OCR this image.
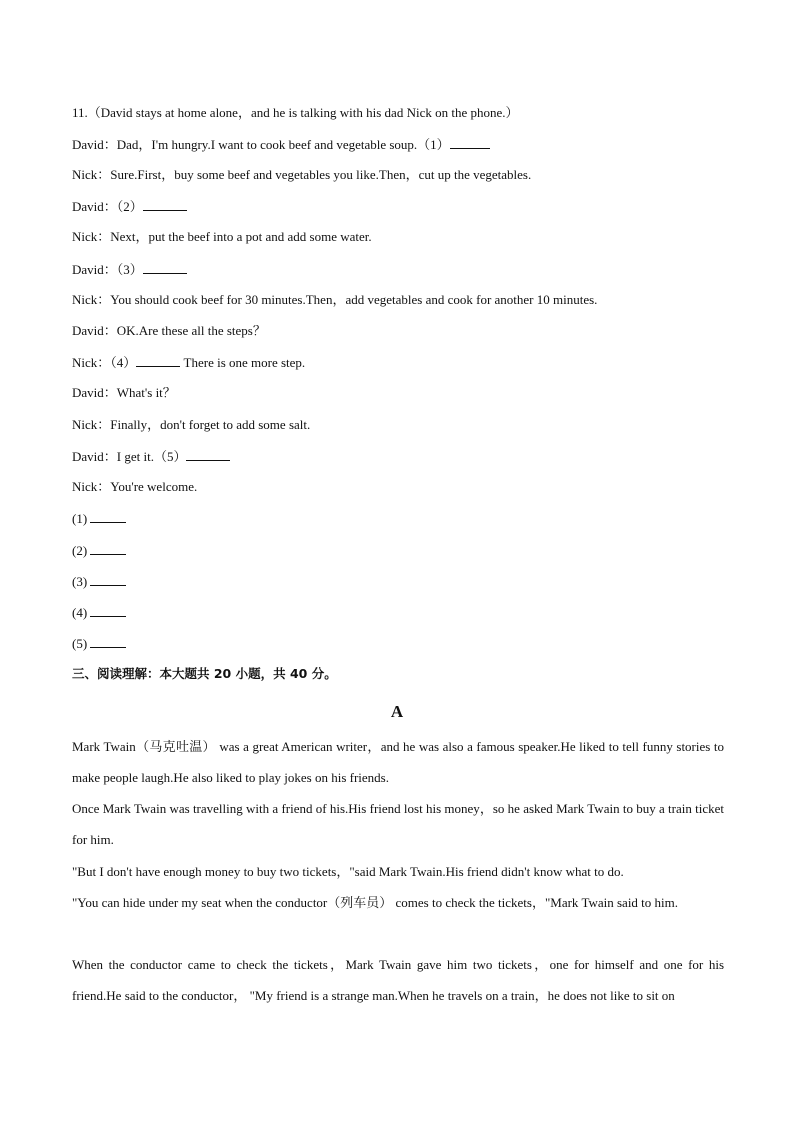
11.（David stays at home alone，and he is talking with his dad Nick on the phone.）
David：Dad，I'm hungry.I want to cook beef and vegetable soup.（1）
Nick：Sure.First，buy some beef and vegetables you like.Then，cut up the vegetables.
David：（2）
Nick：Next，put the beef into a pot and add some water.
David：（3）
Nick：You should cook beef for 30 minutes.Then，add vegetables and cook for another 10 minutes.
David：OK.Are these all the steps？
Nick：（4）	There is one more step.
David：What's it？
Nick：Finally，don't forget to add some salt.
David：I get it.（5）
Nick：You're welcome.
(1)
(2)
(3)
(4)
(5)
三、阅读理解：本大题共 20 小题，共 40 分。
A
Mark Twain（马克吐温） was a great American writer，and he was also a famous speaker.He liked to tell funny stories to make people laugh.He also liked to play jokes on his friends.
Once Mark Twain was travelling with a friend of his.His friend lost his money，so he asked Mark Twain to buy a train ticket for him.
"But I don't have enough money to buy two tickets，"said Mark Twain.His friend didn't know what to do.
"You can hide under my seat when the conductor（列车员） comes to check the tickets，"Mark Twain said to him.
When the conductor came to check the tickets，Mark Twain gave him two tickets，one for himself and one for his friend.He said to the conductor， "My friend is a strange man.When he travels on a train，he does not like to sit on
